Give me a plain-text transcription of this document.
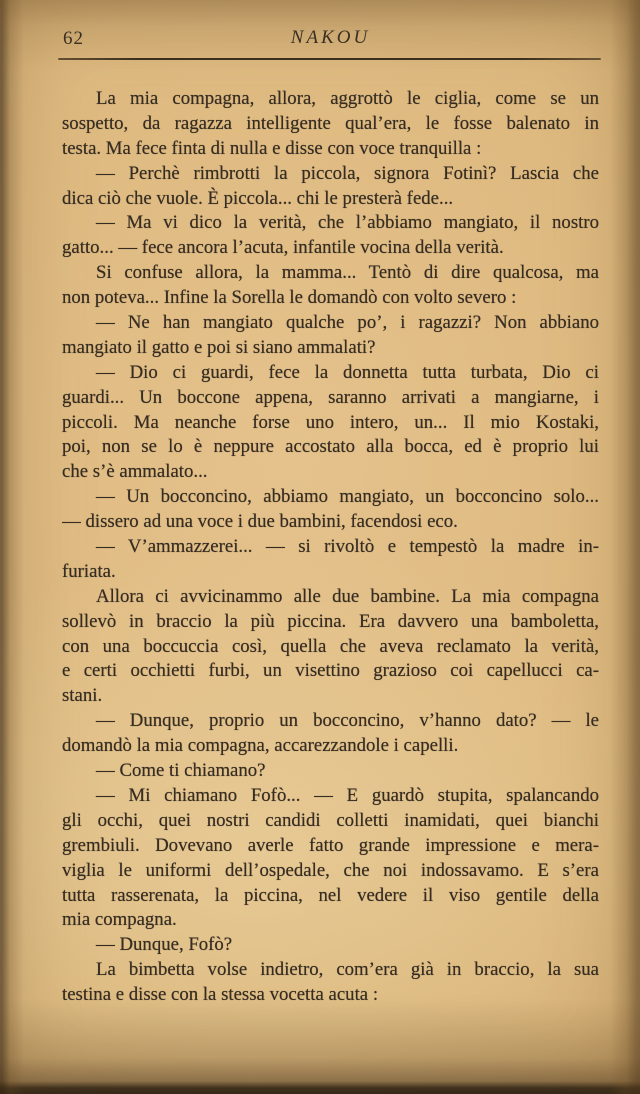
62	NAKOU
La mia compagna, allora, aggrottò le ciglia, come se un
sospetto, da ragazza intelligente qual’era, le fosse balenato in
testa. Ma fece finta di nulla e disse con voce tranquilla :
— Perchè rimbrotti la piccola, signora Fotinì? Lascia che
dica ciò che vuole. È piccola... chi le presterà fede...
— Ma vi dico la verità, che l’abbiamo mangiato, il nostro
gatto... — fece ancora l’acuta, infantile vocina della verità.
Si confuse allora, la mamma... Tentò di dire qualcosa, ma
non poteva... Infine la Sorella le domandò con volto severo :
— Ne han mangiato qualche po’, i ragazzi? Non abbiano
mangiato il gatto e poi si siano ammalati?
— Dio ci guardi, fece la donnetta tutta turbata, Dio ci
guardi... Un boccone appena, saranno arrivati a mangiarne, i
piccoli. Ma neanche forse uno intero, un... Il mio Kostaki,
poi, non se lo è neppure accostato alla bocca, ed è proprio lui
che s’è ammalato...
— Un bocconcino, abbiamo mangiato, un bocconcino solo...
— dissero ad una voce i due bambini, facendosi eco.
— V’ammazzerei... — si rivoltò e tempestò la madre in-
furiata.
Allora ci avvicinammo alle due bambine. La mia compagna
sollevò in braccio la più piccina. Era davvero una bamboletta,
con una boccuccia così, quella che aveva reclamato la verità,
e certi occhietti furbi, un visettino grazioso coi capellucci ca-
stani.
— Dunque, proprio un bocconcino, v’hanno dato? — le
domandò la mia compagna, accarezzandole i capelli.
— Come ti chiamano?
— Mi chiamano Fofò... — E guardò stupita, spalancando
gli occhi, quei nostri candidi colletti inamidati, quei bianchi
grembiuli. Dovevano averle fatto grande impressione e mera-
viglia le uniformi dell’ospedale, che noi indossavamo. E s’era
tutta rasserenata, la piccina, nel vedere il viso gentile della
mia compagna.
— Dunque, Fofò?
La bimbetta volse indietro, com’era già in braccio, la sua
testina e disse con la stessa vocetta acuta :
